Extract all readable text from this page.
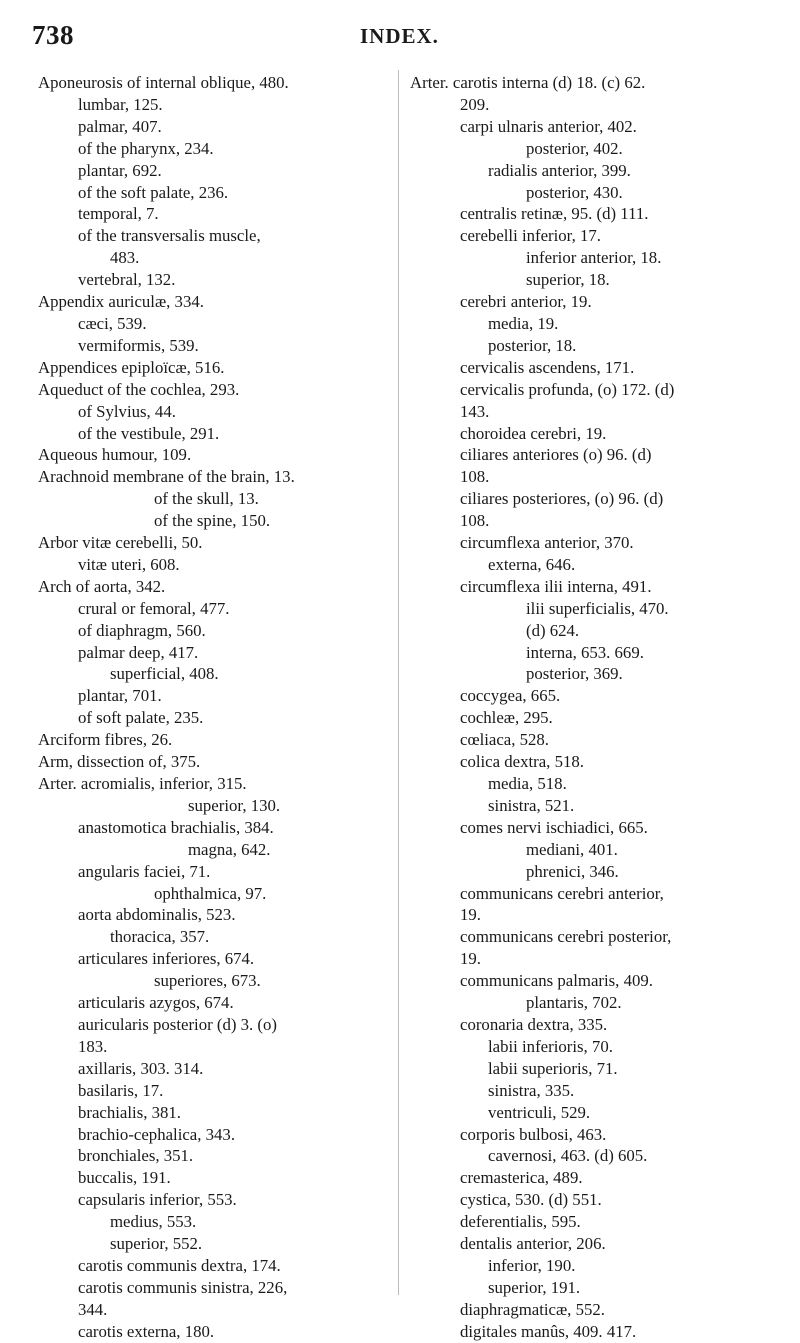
738	INDEX.
Aponeurosis of internal oblique, 480.
lumbar, 125.
palmar, 407.
of the pharynx, 234.
plantar, 692.
of the soft palate, 236.
temporal, 7.
of the transversalis muscle,
483.
vertebral, 132.
Appendix auriculæ, 334.
cæci, 539.
vermiformis, 539.
Appendices epiploïcæ, 516.
Aqueduct of the cochlea, 293.
of Sylvius, 44.
of the vestibule, 291.
Aqueous humour, 109.
Arachnoid membrane of the brain, 13.
of the skull, 13.
of the spine, 150.
Arbor vitæ cerebelli, 50.
vitæ uteri, 608.
Arch of aorta, 342.
crural or femoral, 477.
of diaphragm, 560.
palmar deep, 417.
superficial, 408.
plantar, 701.
of soft palate, 235.
Arciform fibres, 26.
Arm, dissection of, 375.
Arter. acromialis, inferior, 315.
superior, 130.
anastomotica brachialis, 384.
magna, 642.
angularis faciei, 71.
ophthalmica, 97.
aorta abdominalis, 523.
thoracica, 357.
articulares inferiores, 674.
superiores, 673.
articularis azygos, 674.
auricularis posterior (d) 3. (o)
183.
axillaris, 303. 314.
basilaris, 17.
brachialis, 381.
brachio-cephalica, 343.
bronchiales, 351.
buccalis, 191.
capsularis inferior, 553.
medius, 553.
superior, 552.
carotis communis dextra, 174.
carotis communis sinistra, 226,
344.
carotis externa, 180.
Arter. carotis interna (d) 18. (c) 62.
209.
carpi ulnaris anterior, 402.
posterior, 402.
radialis anterior, 399.
posterior, 430.
centralis retinæ, 95. (d) 111.
cerebelli inferior, 17.
inferior anterior, 18.
superior, 18.
cerebri anterior, 19.
media, 19.
posterior, 18.
cervicalis ascendens, 171.
cervicalis profunda, (o) 172. (d)
143.
choroidea cerebri, 19.
ciliares anteriores (o) 96. (d)
108.
ciliares posteriores, (o) 96. (d)
108.
circumflexa anterior, 370.
externa, 646.
circumflexa ilii interna, 491.
ilii superficialis, 470.
(d) 624.
interna, 653. 669.
posterior, 369.
coccygea, 665.
cochleæ, 295.
cœliaca, 528.
colica dextra, 518.
media, 518.
sinistra, 521.
comes nervi ischiadici, 665.
mediani, 401.
phrenici, 346.
communicans cerebri anterior,
19.
communicans cerebri posterior,
19.
communicans palmaris, 409.
plantaris, 702.
coronaria dextra, 335.
labii inferioris, 70.
labii superioris, 71.
sinistra, 335.
ventriculi, 529.
corporis bulbosi, 463.
cavernosi, 463. (d) 605.
cremasterica, 489.
cystica, 530. (d) 551.
deferentialis, 595.
dentalis anterior, 206.
inferior, 190.
superior, 191.
diaphragmaticæ, 552.
digitales manûs, 409. 417.
